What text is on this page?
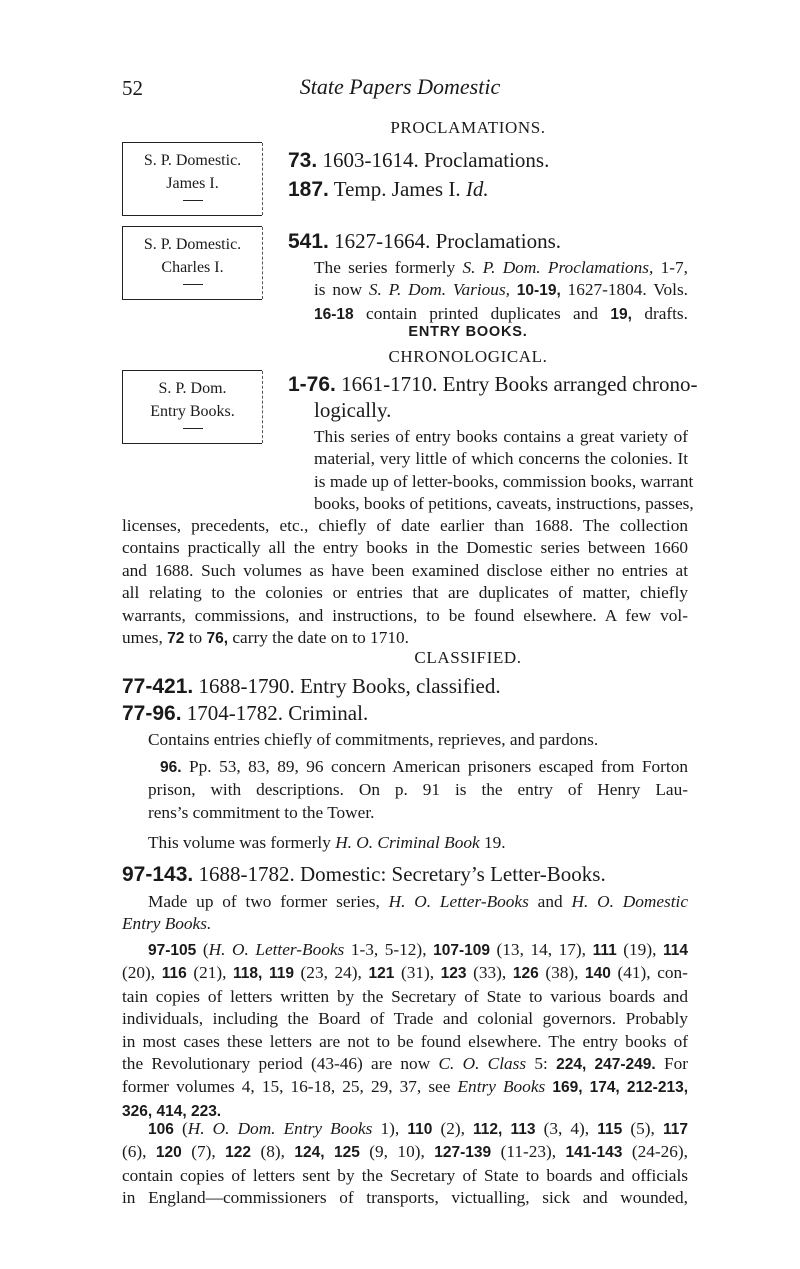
52	State Papers Domestic
PROCLAMATIONS.
S. P. Domestic.
James I.
S. P. Domestic.
Charles I.
S. P. Dom.
Entry Books.
73. 1603-1614. Proclamations.
187. Temp. James I. Id.
541. 1627-1664. Proclamations.
The series formerly S. P. Dom. Proclamations, 1-7,
is now S. P. Dom. Various, 10-19, 1627-1804. Vols.
16-18 contain printed duplicates and 19, drafts.
ENTRY BOOKS.
CHRONOLOGICAL.
1-76. 1661-1710. Entry Books arranged chrono-
logically.
This series of entry books contains a great variety of
material, very little of which concerns the colonies. It
is made up of letter-books, commission books, warrant
books, books of petitions, caveats, instructions, passes,
licenses, precedents, etc., chiefly of date earlier than 1688. The collection
contains practically all the entry books in the Domestic series between 1660
and 1688. Such volumes as have been examined disclose either no entries at
all relating to the colonies or entries that are duplicates of matter, chiefly
warrants, commissions, and instructions, to be found elsewhere. A few vol-
umes, 72 to 76, carry the date on to 1710.
CLASSIFIED.
77-421. 1688-1790. Entry Books, classified.
77-96. 1704-1782. Criminal.
Contains entries chiefly of commitments, reprieves, and pardons.
96. Pp. 53, 83, 89, 96 concern American prisoners escaped from Forton
prison, with descriptions. On p. 91 is the entry of Henry Lau-
rens’s commitment to the Tower.
This volume was formerly H. O. Criminal Book 19.
97-143. 1688-1782. Domestic: Secretary’s Letter-Books.
Made up of two former series, H. O. Letter-Books and H. O. Domestic
Entry Books.
97-105 (H. O. Letter-Books 1-3, 5-12), 107-109 (13, 14, 17), 111 (19), 114
(20), 116 (21), 118, 119 (23, 24), 121 (31), 123 (33), 126 (38), 140 (41), con-
tain copies of letters written by the Secretary of State to various boards and
individuals, including the Board of Trade and colonial governors. Probably
in most cases these letters are not to be found elsewhere. The entry books of
the Revolutionary period (43-46) are now C. O. Class 5: 224, 247-249. For
former volumes 4, 15, 16-18, 25, 29, 37, see Entry Books 169, 174, 212-213,
326, 414, 223.
106 (H. O. Dom. Entry Books 1), 110 (2), 112, 113 (3, 4), 115 (5), 117
(6), 120 (7), 122 (8), 124, 125 (9, 10), 127-139 (11-23), 141-143 (24-26),
contain copies of letters sent by the Secretary of State to boards and officials
in England—commissioners of transports, victualling, sick and wounded,
